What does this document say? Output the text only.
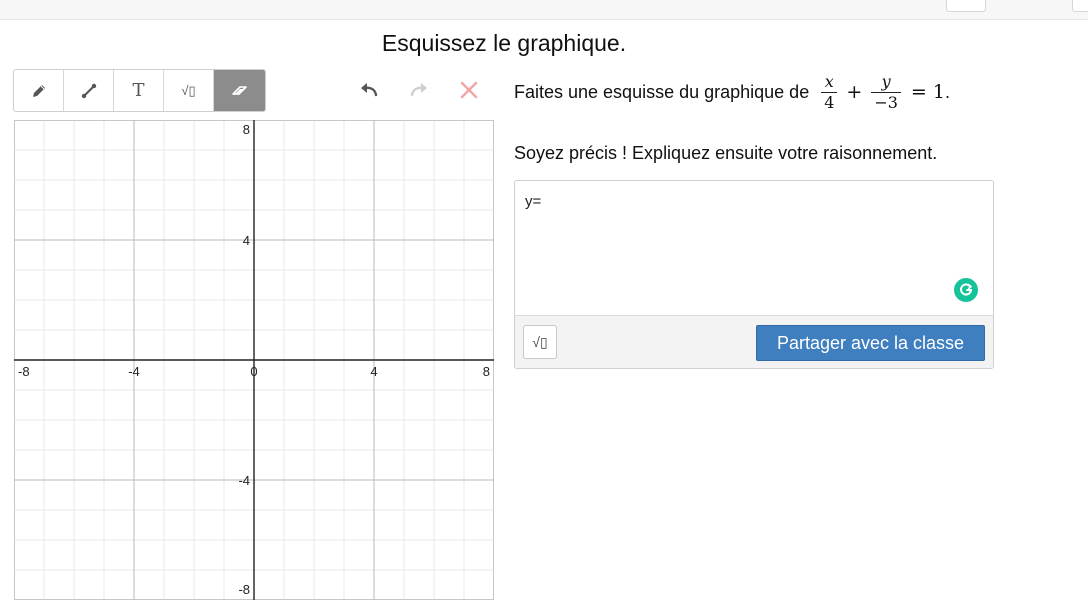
Esquissez le graphique.
T	√▯
-8	-4	0	4	8
8
4
-4
-8
Faites une esquisse du graphique de $\frac{x}{4} + \frac{y}{-3} = 1$ .
Soyez précis ! Expliquez ensuite votre raisonnement.
y=
√▯	Partager avec la classe
